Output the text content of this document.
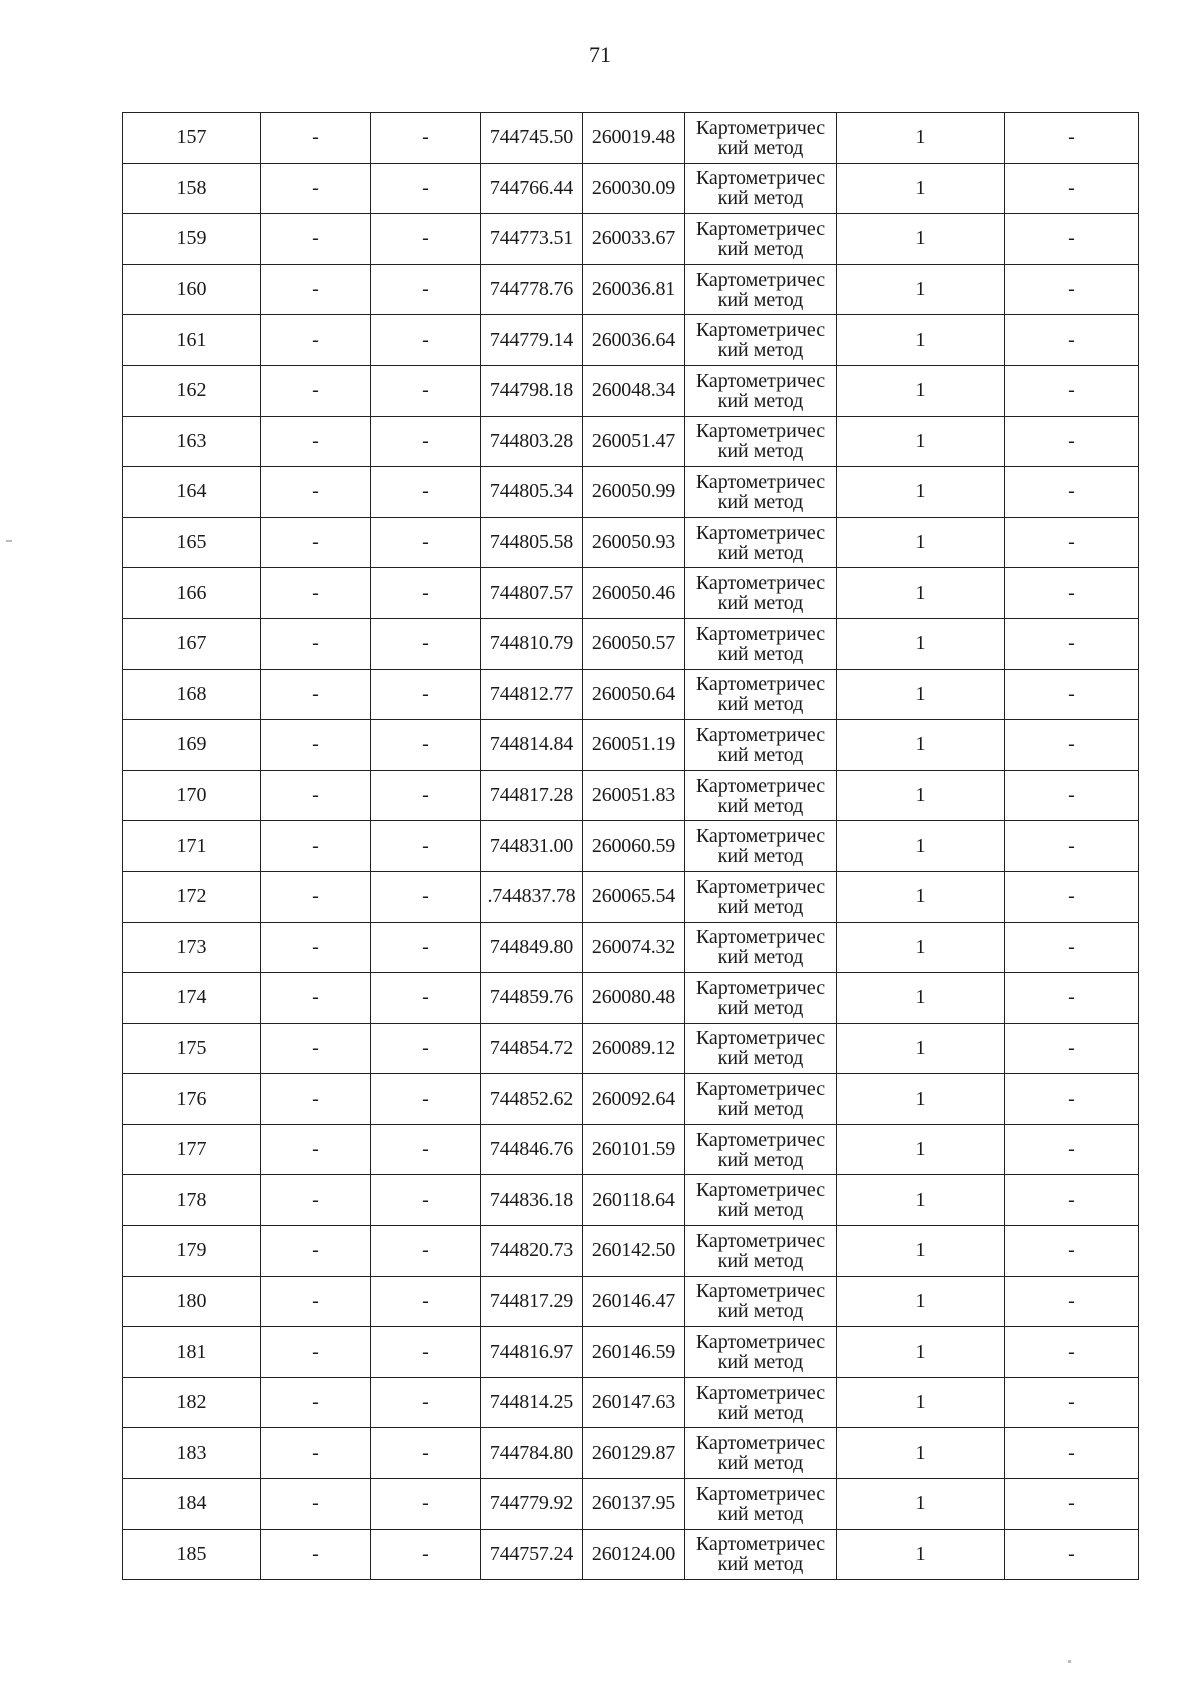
71
157	-	-	744745.50	260019.48	Картометричес
кий метод	1	-
158	-	-	744766.44	260030.09	Картометричес
кий метод	1	-
159	-	-	744773.51	260033.67	Картометричес
кий метод	1	-
160	-	-	744778.76	260036.81	Картометричес
кий метод	1	-
161	-	-	744779.14	260036.64	Картометричес
кий метод	1	-
162	-	-	744798.18	260048.34	Картометричес
кий метод	1	-
163	-	-	744803.28	260051.47	Картометричес
кий метод	1	-
164	-	-	744805.34	260050.99	Картометричес
кий метод	1	-
165	-	-	744805.58	260050.93	Картометричес
кий метод	1	-
166	-	-	744807.57	260050.46	Картометричес
кий метод	1	-
167	-	-	744810.79	260050.57	Картометричес
кий метод	1	-
168	-	-	744812.77	260050.64	Картометричес
кий метод	1	-
169	-	-	744814.84	260051.19	Картометричес
кий метод	1	-
170	-	-	744817.28	260051.83	Картометричес
кий метод	1	-
171	-	-	744831.00	260060.59	Картометричес
кий метод	1	-
172	-	-	.744837.78	260065.54	Картометричес
кий метод	1	-
173	-	-	744849.80	260074.32	Картометричес
кий метод	1	-
174	-	-	744859.76	260080.48	Картометричес
кий метод	1	-
175	-	-	744854.72	260089.12	Картометричес
кий метод	1	-
176	-	-	744852.62	260092.64	Картометричес
кий метод	1	-
177	-	-	744846.76	260101.59	Картометричес
кий метод	1	-
178	-	-	744836.18	260118.64	Картометричес
кий метод	1	-
179	-	-	744820.73	260142.50	Картометричес
кий метод	1	-
180	-	-	744817.29	260146.47	Картометричес
кий метод	1	-
181	-	-	744816.97	260146.59	Картометричес
кий метод	1	-
182	-	-	744814.25	260147.63	Картометричес
кий метод	1	-
183	-	-	744784.80	260129.87	Картометричес
кий метод	1	-
184	-	-	744779.92	260137.95	Картометричес
кий метод	1	-
185	-	-	744757.24	260124.00	Картометричес
кий метод	1	-
